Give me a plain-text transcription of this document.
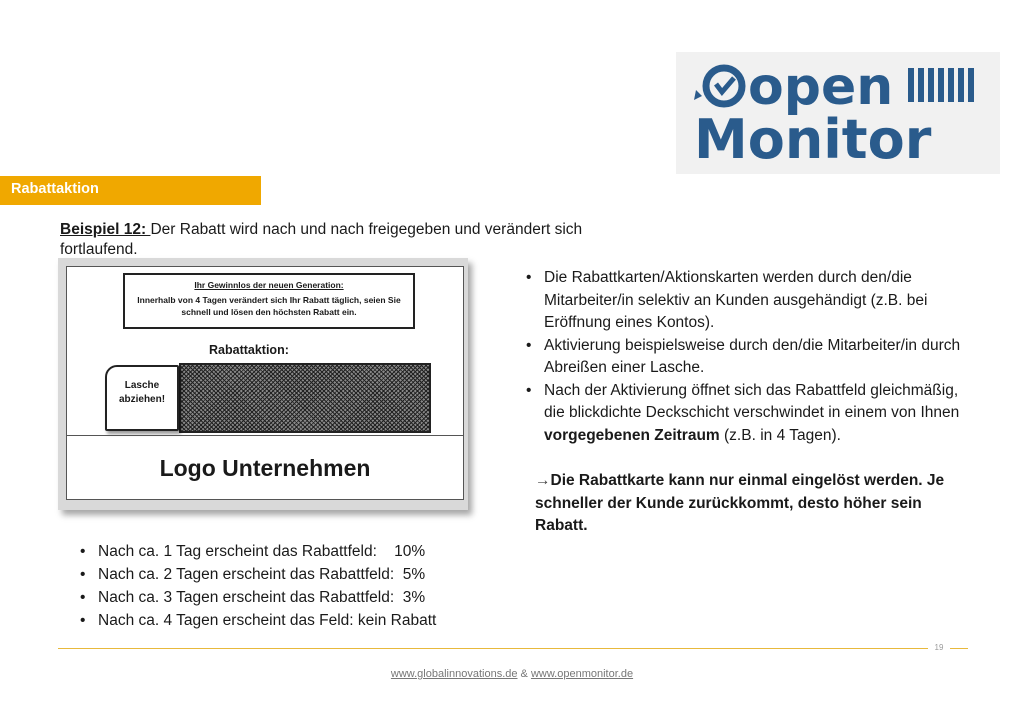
open
Monitor
Rabattaktion
Beispiel 12: Der Rabatt wird nach und nach freigegeben und verändert sich fortlaufend.
Ihr Gewinnlos der neuen Generation:
Innerhalb von 4 Tagen verändert sich Ihr Rabatt täglich, seien Sie schnell und lösen den höchsten Rabatt ein.
Rabattaktion:
Lasche
abziehen!
Logo Unternehmen
• Die Rabattkarten/Aktionskarten werden durch den/die Mitarbeiter/in selektiv an Kunden ausgehändigt (z.B. bei Eröffnung eines Kontos).
• Aktivierung beispielsweise durch den/die Mitarbeiter/in durch Abreißen einer Lasche.
• Nach der Aktivierung öffnet sich das Rabattfeld gleichmäßig, die blickdichte Deckschicht verschwindet in einem von Ihnen vorgegebenen Zeitraum (z.B. in 4 Tagen).
→Die Rabattkarte kann nur einmal eingelöst werden. Je schneller der Kunde zurückkommt, desto höher sein Rabatt.
• Nach ca. 1 Tag erscheint das Rabattfeld:    10%
• Nach ca. 2 Tagen erscheint das Rabattfeld:  5%
• Nach ca. 3 Tagen erscheint das Rabattfeld:  3%
• Nach ca. 4 Tagen erscheint das Feld: kein Rabatt
19
www.globalinnovations.de & www.openmonitor.de
